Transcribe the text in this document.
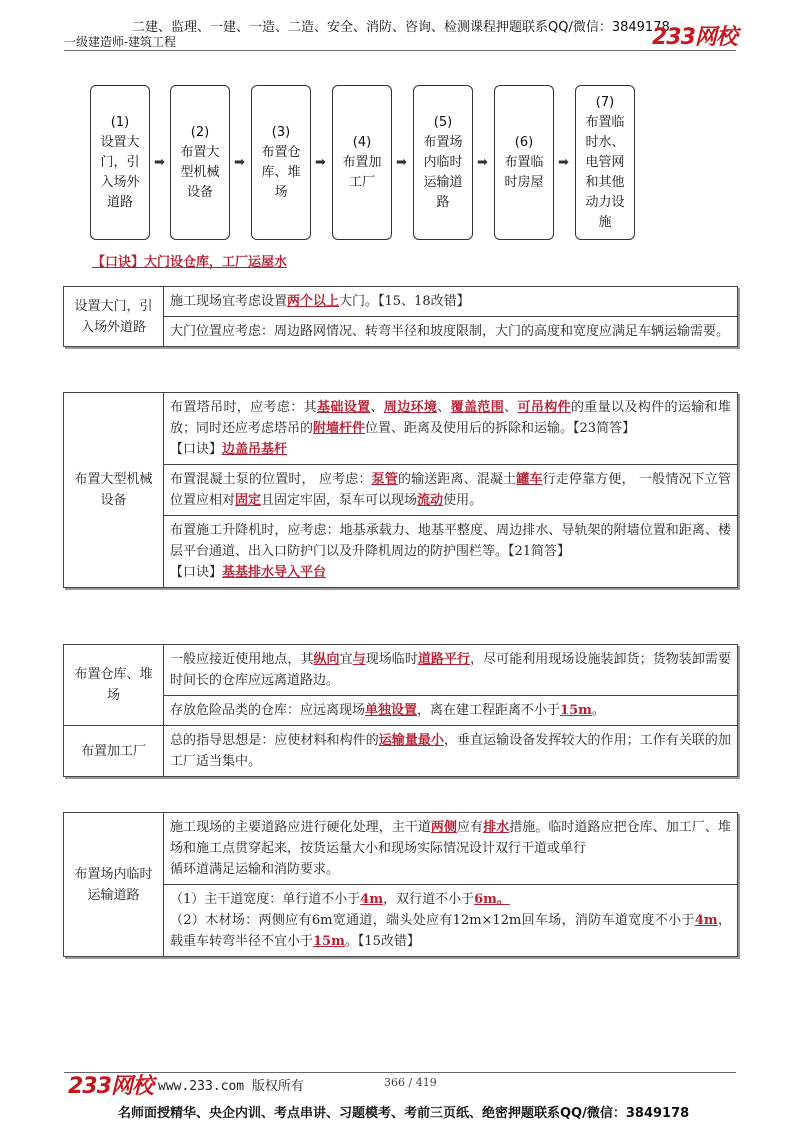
二建、监理、一建、一造、二造、安全、消防、咨询、检测课程押题联系QQ/微信：3849178
一级建造师-建筑工程	233网校
(1)
设置大
门，引
入场外
道路
➡
(2)
布置大
型机械
设备
➡
(3)
布置仓
库、堆
场
➡
(4)
布置加
工厂
➡
(5)
布置场
内临时
运输道
路
➡
(6)
布置临
时房屋
➡
(7)
布置临
时水、
电管网
和其他
动力设
施
【口诀】大门设仓库，工厂运屋水
设置大门，引入场外道路	施工现场宜考虑设置两个以上大门。【15、18改错】
大门位置应考虑：周边路网情况、转弯半径和坡度限制，大门的高度和宽度应满足车辆运输需要。
布置大型机械设备	布置塔吊时，应考虑：其基础设置、周边环境、覆盖范围、可吊构件的重量以及构件的运输和堆放；同时还应考虑塔吊的附墙杆件位置、距离及使用后的拆除和运输。【23简答】
【口诀】边盖吊基杆
布置混凝土泵的位置时， 应考虑：泵管的输送距离、混凝土罐车行走停靠方便， 一般情况下立管位置应相对固定且固定牢固，泵车可以现场流动使用。
布置施工升降机时，应考虑：地基承载力、地基平整度、周边排水、导轨架的附墙位置和距离、楼层平台通道、出入口防护门以及升降机周边的防护围栏等。【21简答】
【口诀】基基排水导入平台
布置仓库、堆场	一般应接近使用地点，其纵向宜与现场临时道路平行，尽可能利用现场设施装卸货；货物装卸需要时间长的仓库应远离道路边。
	存放危险品类的仓库：应远离现场单独设置，离在建工程距离不小于15m。
布置加工厂	总的指导思想是：应使材料和构件的运输量最小，垂直运输设备发挥较大的作用；工作有关联的加工厂适当集中。
布置场内临时运输道路	施工现场的主要道路应进行硬化处理，主干道两侧应有排水措施。临时道路应把仓库、加工厂、堆场和施工点贯穿起来，按货运量大小和现场实际情况设计双行干道或单行
循环道满足运输和消防要求。
（1）主干道宽度：单行道不小于4m，双行道不小于6m。
（2）木材场：两侧应有6m宽通道，端头处应有12m×12m回车场，消防车道宽度不小于4m，载重车转弯半径不宜小于15m。【15改错】
233网校 www.233.com 版权所有	366 / 419
名师面授精华、央企内训、考点串讲、习题模考、考前三页纸、绝密押题联系QQ/微信：3849178
